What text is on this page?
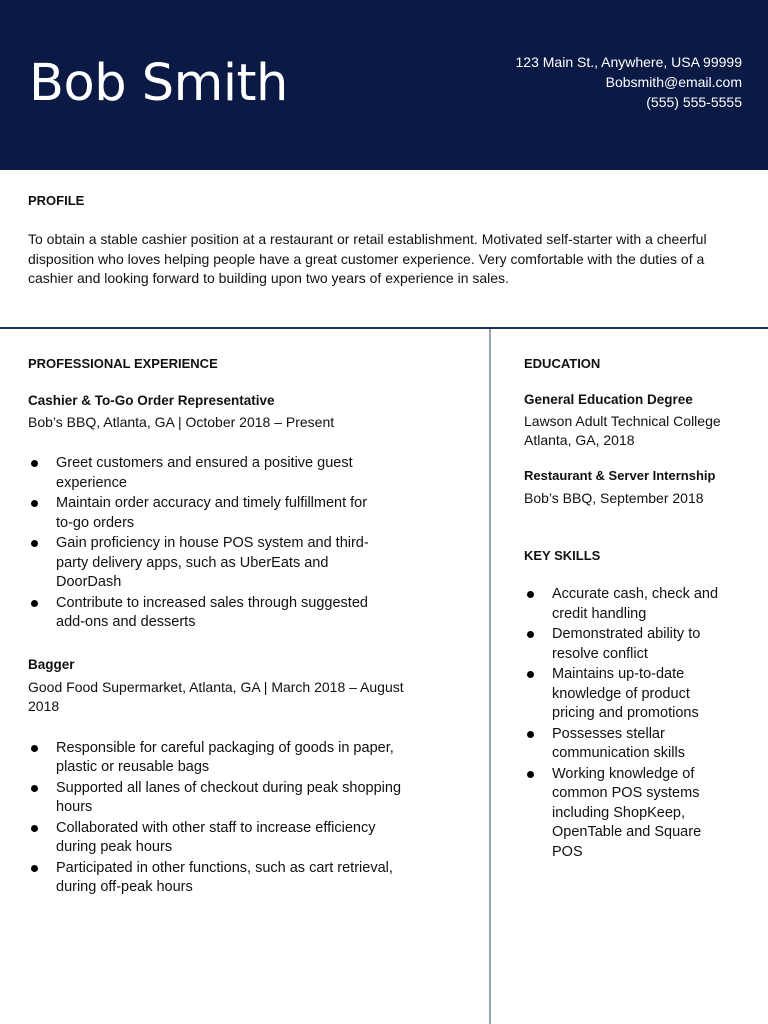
Bob Smith	123 Main St., Anywhere, USA 99999
Bobsmith@email.com
(555) 555-5555
PROFILE
To obtain a stable cashier position at a restaurant or retail establishment. Motivated self-starter with a cheerful disposition who loves helping people have a great customer experience. Very comfortable with the duties of a cashier and looking forward to building upon two years of experience in sales.
PROFESSIONAL EXPERIENCE
Cashier & To-Go Order Representative
Bob’s BBQ, Atlanta, GA | October 2018 – Present
Greet customers and ensured a positive guest experience
Maintain order accuracy and timely fulfillment for to-go orders
Gain proficiency in house POS system and third-party delivery apps, such as UberEats and DoorDash
Contribute to increased sales through suggested add-ons and desserts
Bagger
Good Food Supermarket, Atlanta, GA | March 2018 – August 2018
Responsible for careful packaging of goods in paper, plastic or reusable bags
Supported all lanes of checkout during peak shopping hours
Collaborated with other staff to increase efficiency during peak hours
Participated in other functions, such as cart retrieval, during off-peak hours
EDUCATION
General Education Degree
Lawson Adult Technical College
Atlanta, GA, 2018
Restaurant & Server Internship
Bob’s BBQ, September 2018
KEY SKILLS
Accurate cash, check and credit handling
Demonstrated ability to resolve conflict
Maintains up-to-date knowledge of product pricing and promotions
Possesses stellar communication skills
Working knowledge of common POS systems including ShopKeep, OpenTable and Square POS
